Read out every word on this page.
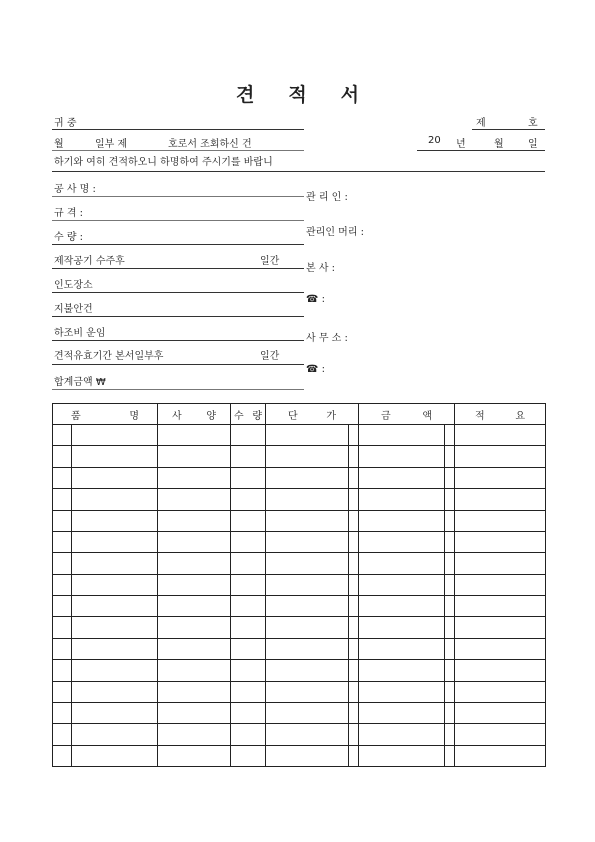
견 적 서
귀 중	제	호
월	일부 제	호로서 조회하신 건	20 년	월 일
하기와 여히 견적하오니 하명하여 주시기를 바랍니
공 사 명 :
규 격 :
수 량 :
제작공기 수주후	일간
인도장소
지불안건
하조비 운임
견적유효기간 본서일부후	일간
합계금액 ₩
관 리 인 :
관리인 머리 :
본 사 :
☎ :
사 무 소 :
☎ :
품 명		사 양	수 량	단 가		금 액		적 요
